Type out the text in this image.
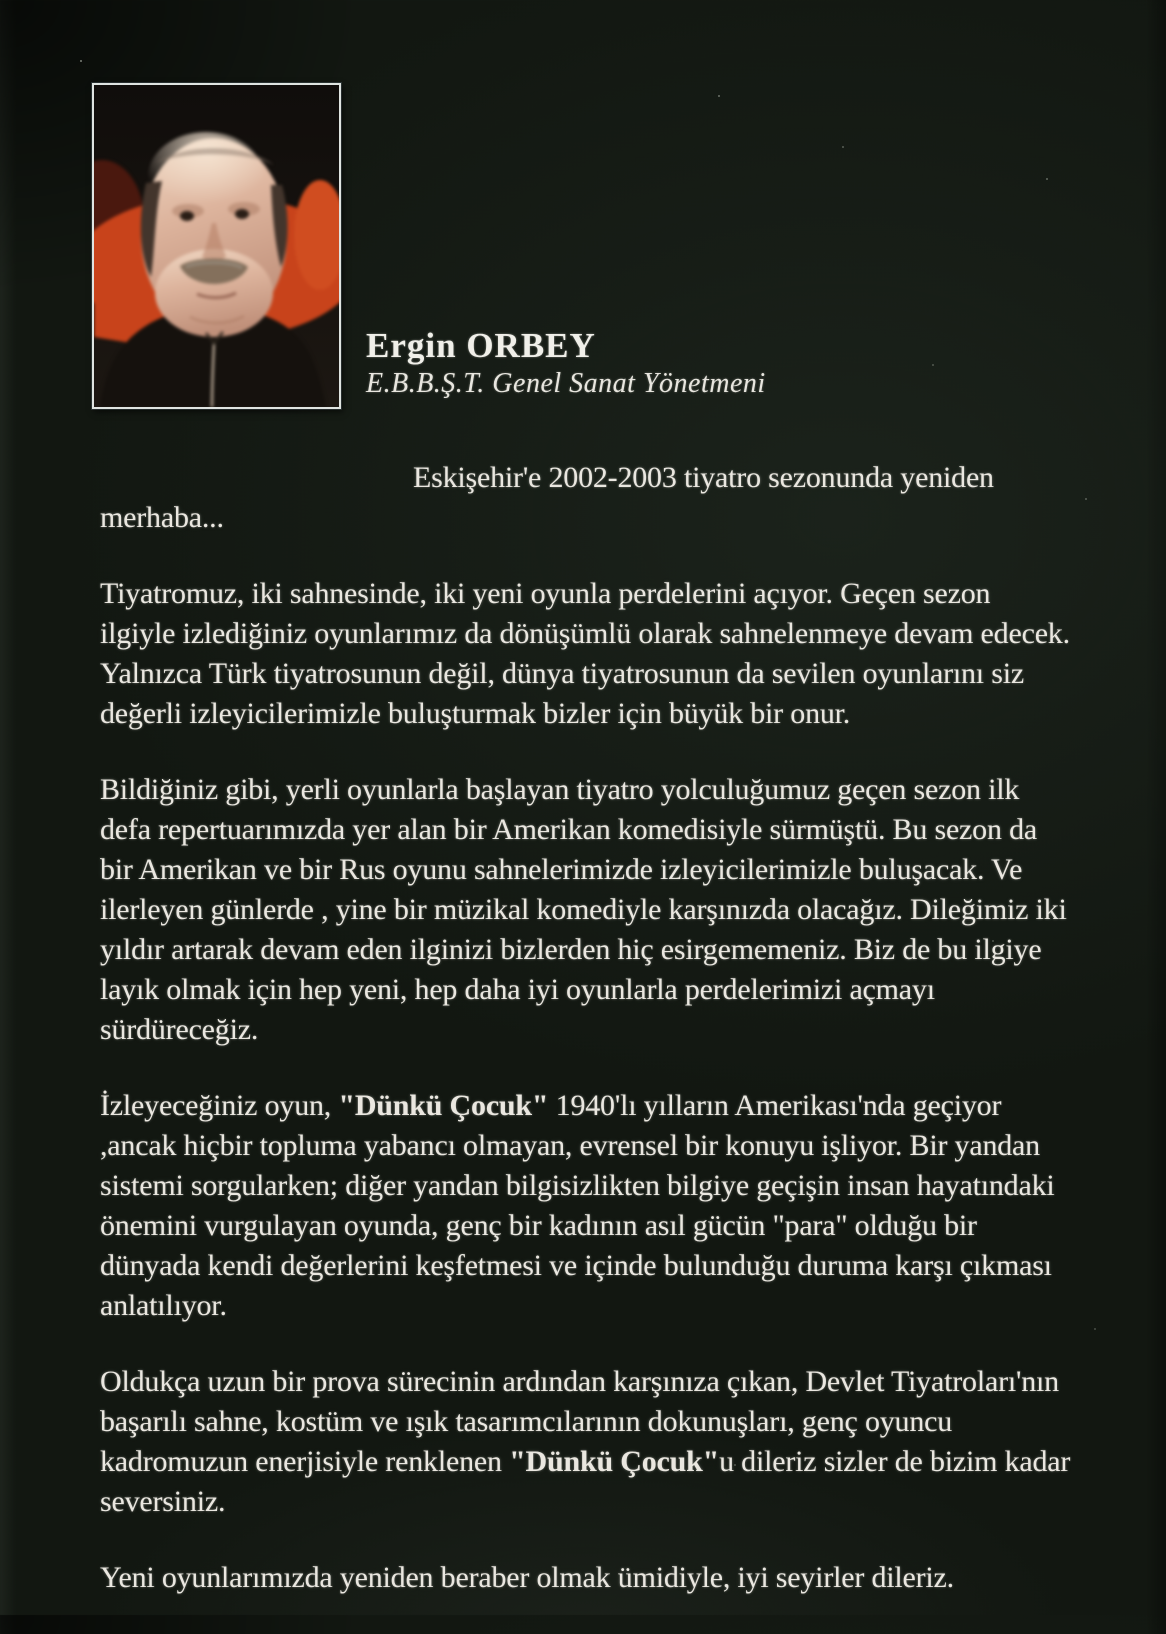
Ergin ORBEY
E.B.B.Ş.T. Genel Sanat Yönetmeni

Eskişehir'e 2002-2003 tiyatro sezonunda yeniden
merhaba...

Tiyatromuz, iki sahnesinde, iki yeni oyunla perdelerini açıyor. Geçen sezon ilgiyle izlediğiniz oyunlarımız da dönüşümlü olarak sahnelenmeye devam edecek. Yalnızca Türk tiyatrosunun değil, dünya tiyatrosunun da sevilen oyunlarını siz değerli izleyicilerimizle buluşturmak bizler için büyük bir onur.

Bildiğiniz gibi, yerli oyunlarla başlayan tiyatro yolculuğumuz geçen sezon ilk defa repertuarımızda yer alan bir Amerikan komedisiyle sürmüştü. Bu sezon da bir Amerikan ve bir Rus oyunu sahnelerimizde izleyicilerimizle buluşacak. Ve ilerleyen günlerde , yine bir müzikal komediyle karşınızda olacağız. Dileğimiz iki yıldır artarak devam eden ilginizi bizlerden hiç esirgememeniz. Biz de bu ilgiye layık olmak için hep yeni, hep daha iyi oyunlarla perdelerimizi açmayı sürdüreceğiz.

İzleyeceğiniz oyun, "Dünkü Çocuk" 1940'lı yılların Amerikası'nda geçiyor ,ancak hiçbir topluma yabancı olmayan, evrensel bir konuyu işliyor. Bir yandan sistemi sorgularken; diğer yandan bilgisizlikten bilgiye geçişin insan hayatındaki önemini vurgulayan oyunda, genç bir kadının asıl gücün "para" olduğu bir dünyada kendi değerlerini keşfetmesi ve içinde bulunduğu duruma karşı çıkması anlatılıyor.

Oldukça uzun bir prova sürecinin ardından karşınıza çıkan, Devlet Tiyatroları'nın başarılı sahne, kostüm ve ışık tasarımcılarının dokunuşları, genç oyuncu kadromuzun enerjisiyle renklenen "Dünkü Çocuk"u dileriz sizler de bizim kadar seversiniz.

Yeni oyunlarımızda yeniden beraber olmak ümidiyle, iyi seyirler dileriz.
